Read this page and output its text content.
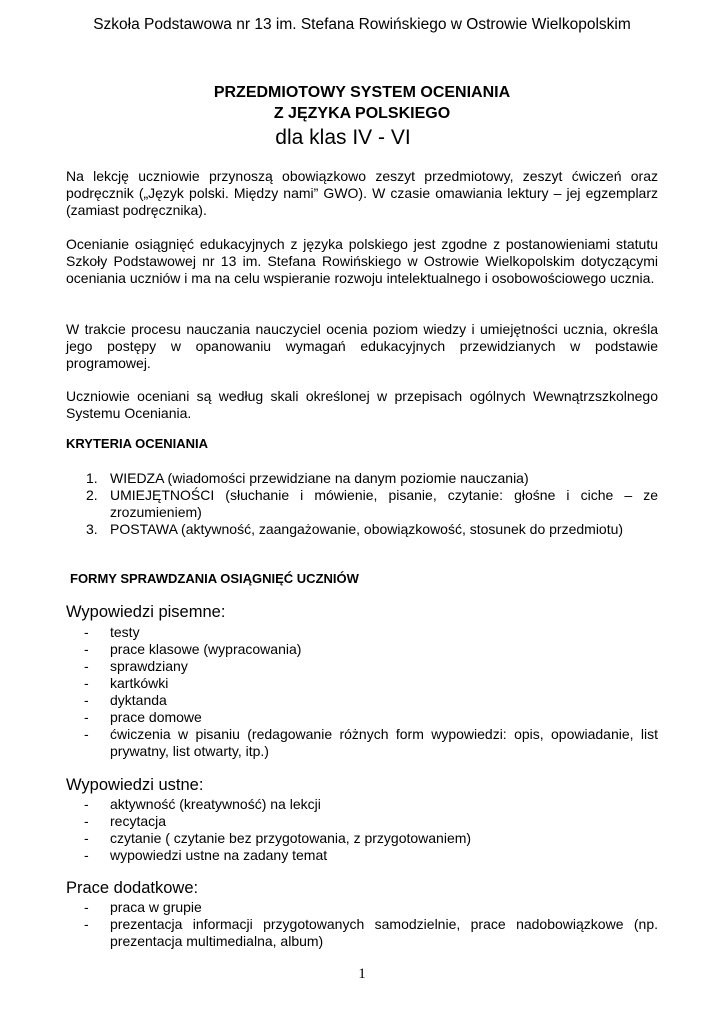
Szkoła Podstawowa nr 13 im. Stefana Rowińskiego w Ostrowie Wielkopolskim
PRZEDMIOTOWY SYSTEM OCENIANIA
Z JĘZYKA POLSKIEGO
dla klas IV - VI
Na lekcję uczniowie przynoszą obowiązkowo zeszyt przedmiotowy, zeszyt ćwiczeń oraz podręcznik („Język polski. Między nami” GWO). W czasie omawiania lektury – jej egzemplarz (zamiast podręcznika).
Ocenianie osiągnięć edukacyjnych z języka polskiego jest zgodne z postanowieniami statutu Szkoły Podstawowej nr 13 im. Stefana Rowińskiego w Ostrowie Wielkopolskim dotyczącymi oceniania uczniów i ma na celu wspieranie rozwoju intelektualnego i osobowościowego ucznia.
W trakcie procesu nauczania nauczyciel ocenia poziom wiedzy i umiejętności ucznia, określa jego postępy w opanowaniu wymagań edukacyjnych przewidzianych w podstawie programowej.
Uczniowie oceniani są według skali określonej w przepisach ogólnych Wewnątrzszkolnego Systemu Oceniania.
KRYTERIA OCENIANIA
1. WIEDZA (wiadomości przewidziane na danym poziomie nauczania)
2. UMIEJĘTNOŚCI (słuchanie i mówienie, pisanie, czytanie: głośne i ciche – ze zrozumieniem)
3. POSTAWA (aktywność, zaangażowanie, obowiązkowość, stosunek do przedmiotu)
FORMY SPRAWDZANIA OSIĄGNIĘĆ UCZNIÓW
Wypowiedzi pisemne:
- testy
- prace klasowe (wypracowania)
- sprawdziany
- kartkówki
- dyktanda
- prace domowe
- ćwiczenia w pisaniu (redagowanie różnych form wypowiedzi: opis, opowiadanie, list prywatny, list otwarty, itp.)
Wypowiedzi ustne:
- aktywność (kreatywność) na lekcji
- recytacja
- czytanie ( czytanie bez przygotowania, z przygotowaniem)
- wypowiedzi ustne na zadany temat
Prace dodatkowe:
- praca w grupie
- prezentacja informacji przygotowanych samodzielnie, prace nadobowiązkowe (np. prezentacja multimedialna, album)
1
